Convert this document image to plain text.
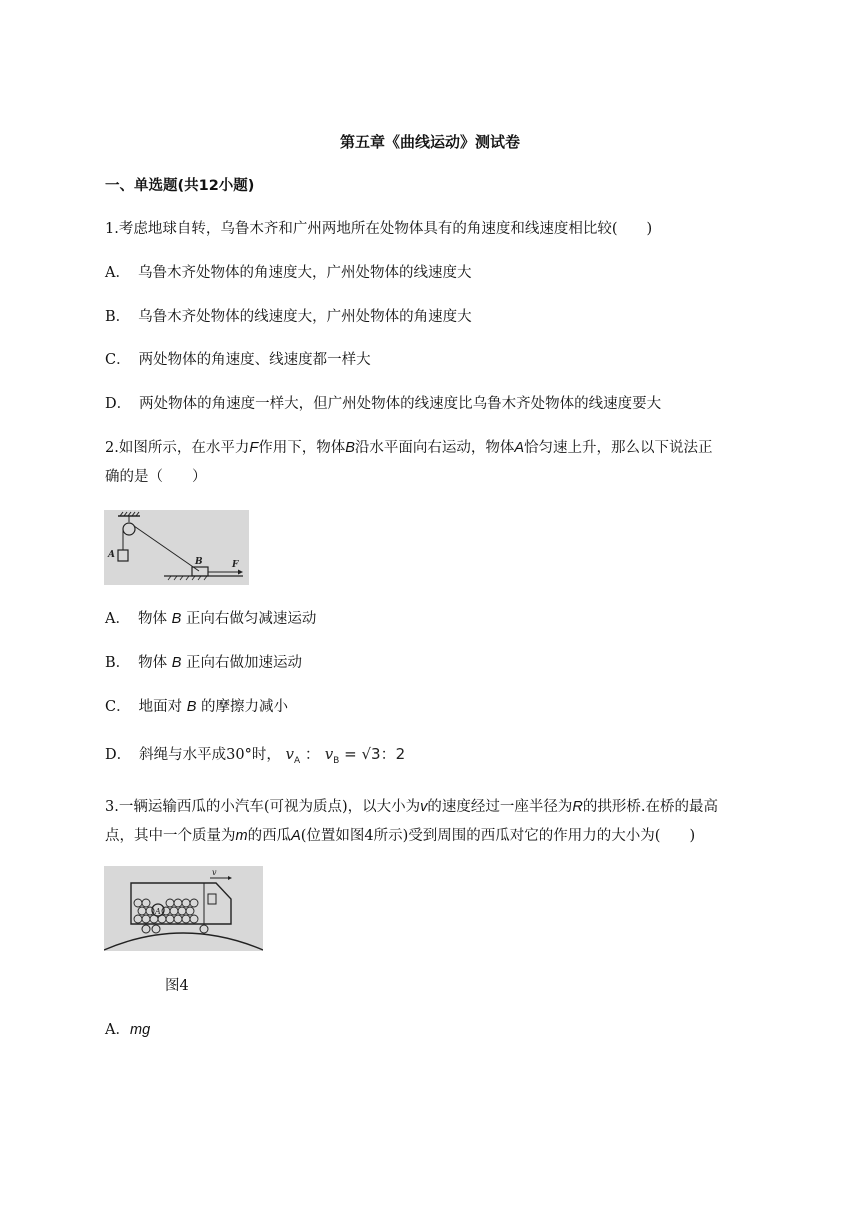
第五章《曲线运动》测试卷
一、单选题(共12小题)
1.考虑地球自转，乌鲁木齐和广州两地所在处物体具有的角速度和线速度相比较(　　)
A． 乌鲁木齐处物体的角速度大，广州处物体的线速度大
B． 乌鲁木齐处物体的线速度大，广州处物体的角速度大
C． 两处物体的角速度、线速度都一样大
D． 两处物体的角速度一样大，但广州处物体的线速度比乌鲁木齐处物体的线速度要大
2.如图所示，在水平力F作用下，物体B沿水平面向右运动，物体A恰匀速上升，那么以下说法正
确的是（　　）
A
B	F
A． 物体 B 正向右做匀减速运动
B． 物体 B 正向右做加速运动
C． 地面对 B 的摩擦力减小
D． 斜绳与水平成30°时， $v_A$ ： $v_B = √3$：2
3.一辆运输西瓜的小汽车(可视为质点)，以大小为v的速度经过一座半径为R的拱形桥.在桥的最高
点，其中一个质量为m的西瓜A(位置如图4所示)受到周围的西瓜对它的作用力的大小为(　　)
v
A
图4
A．mg
